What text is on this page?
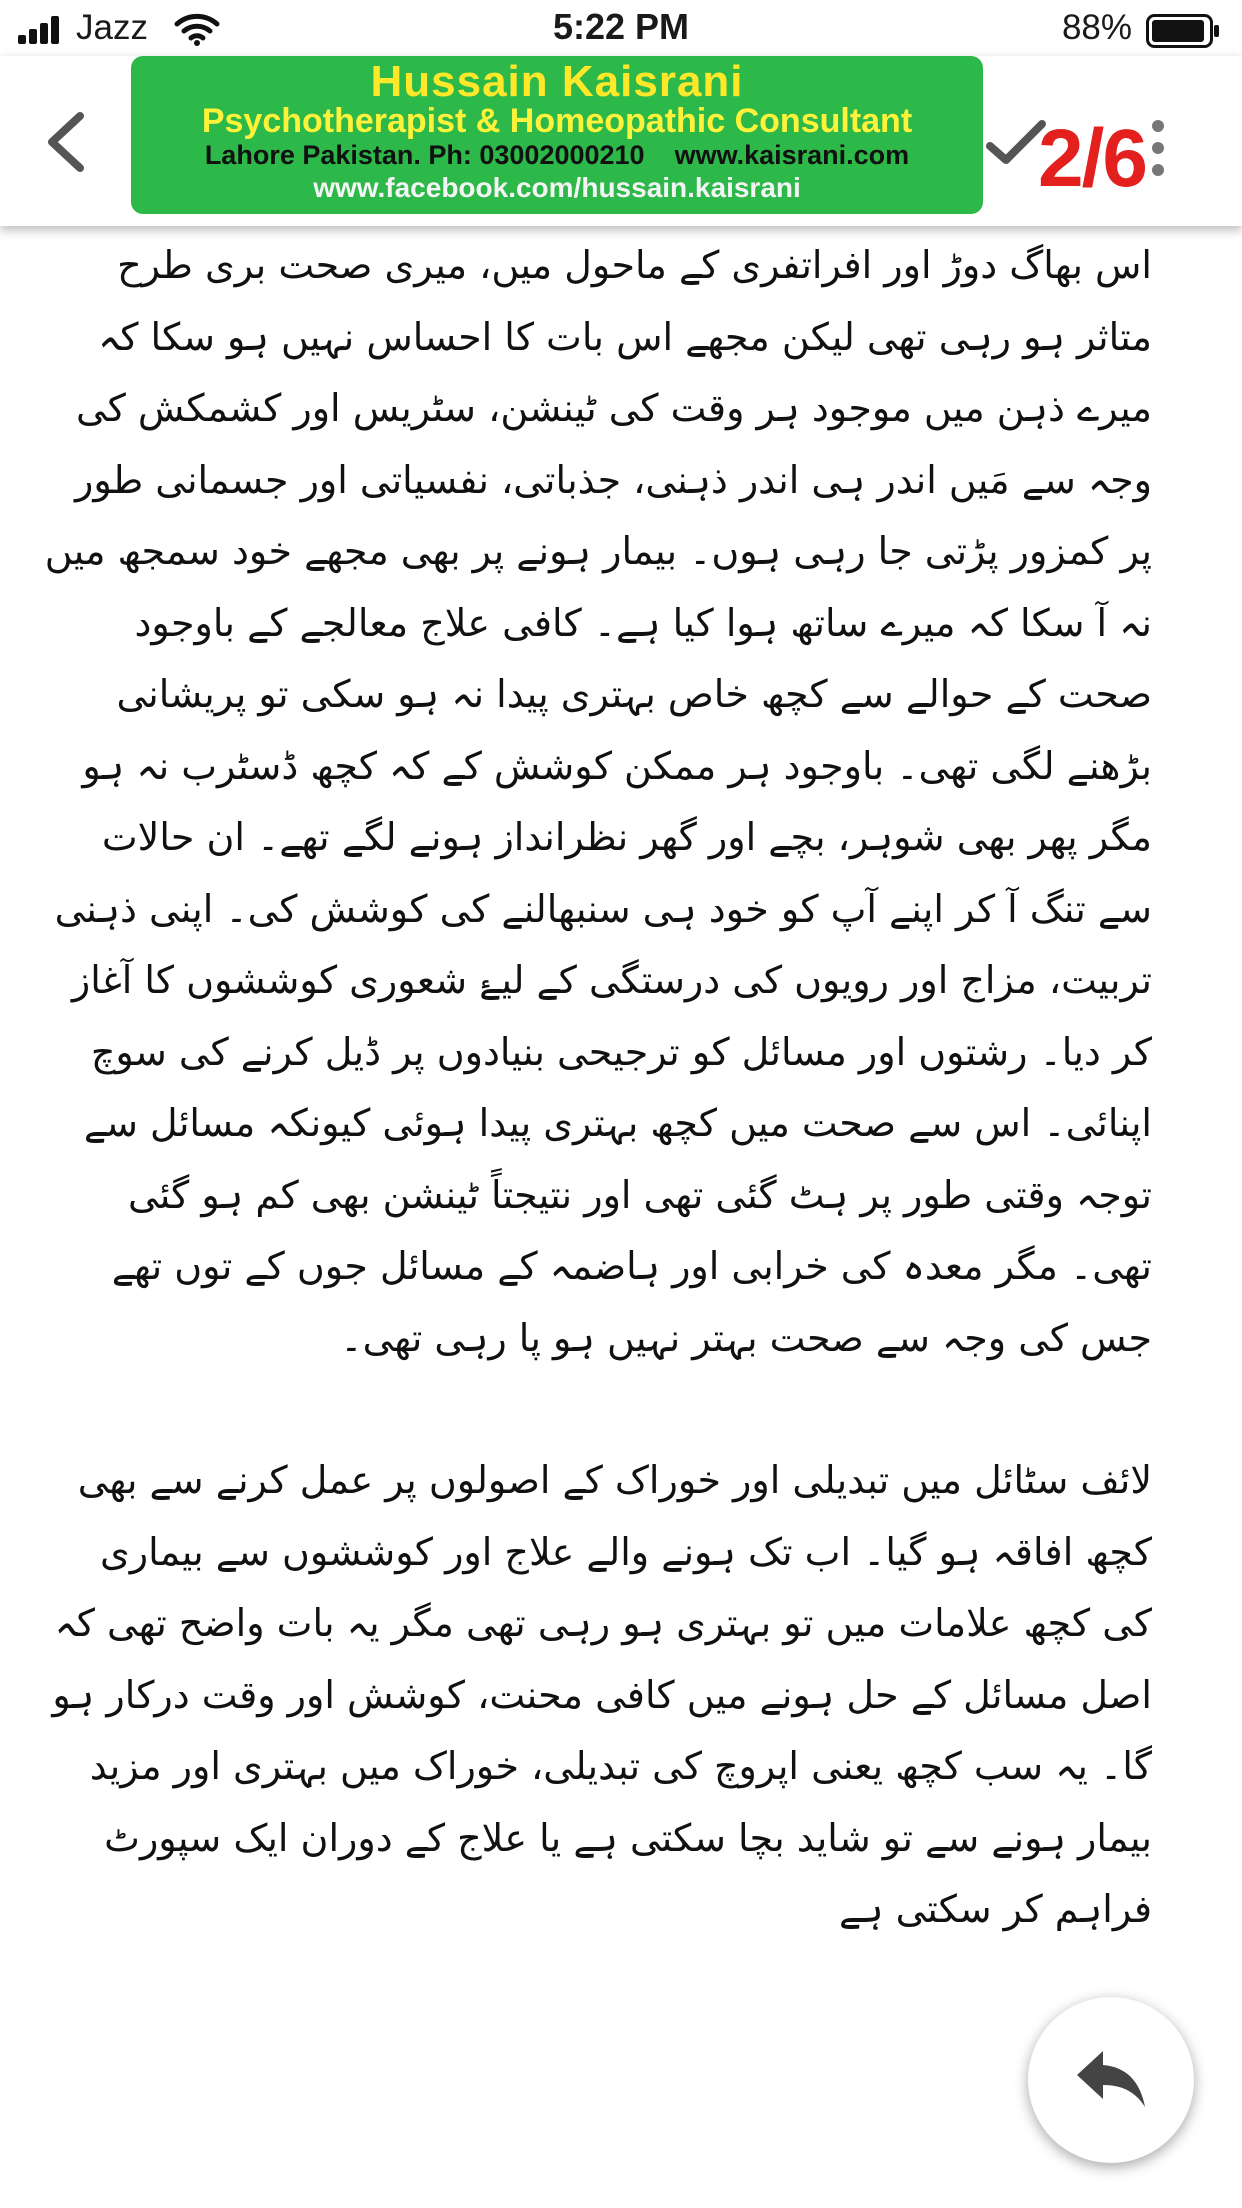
Jazz	5:22 PM	88%
Hussain Kaisrani
Psychotherapist & Homeopathic Consultant
Lahore Pakistan. Ph: 03002000210    www.kaisrani.com
www.facebook.com/hussain.kaisrani	2/6

اس بھاگ دوڑ اور افراتفری کے ماحول میں، میری صحت بری طرح متاثر ہو رہی تھی لیکن مجھے اس بات کا احساس نہیں ہو سکا کہ میرے ذہن میں موجود ہر وقت کی ٹینشن، سٹریس اور کشمکش کی وجہ سے مَیں اندر ہی اندر ذہنی، جذباتی، نفسیاتی اور جسمانی طور پر کمزور پڑتی جا رہی ہوں۔ بیمار ہونے پر بھی مجھے خود سمجھ میں نہ آ سکا کہ میرے ساتھ ہوا کیا ہے۔ کافی علاج معالجے کے باوجود صحت کے حوالے سے کچھ خاص بہتری پیدا نہ ہو سکی تو پریشانی بڑھنے لگی تھی۔ باوجود ہر ممکن کوشش کے کہ کچھ ڈسٹرب نہ ہو مگر پھر بھی شوہر، بچے اور گھر نظرانداز ہونے لگے تھے۔ ان حالات سے تنگ آ کر اپنے آپ کو خود ہی سنبھالنے کی کوشش کی۔ اپنی ذہنی تربیت، مزاج اور رویوں کی درستگی کے لیۓ شعوری کوششوں کا آغاز کر دیا۔ رشتوں اور مسائل کو ترجیحی بنیادوں پر ڈیل کرنے کی سوچ اپنائی۔ اس سے صحت میں کچھ بہتری پیدا ہوئی کیونکہ مسائل سے توجہ وقتی طور پر ہٹ گئی تھی اور نتیجتاً ٹینشن بھی کم ہو گئی تھی۔ مگر معدہ کی خرابی اور ہاضمہ کے مسائل جوں کے توں تھے جس کی وجہ سے صحت بہتر نہیں ہو پا رہی تھی۔

لائف سٹائل میں تبدیلی اور خوراک کے اصولوں پر عمل کرنے سے بھی کچھ افاقہ ہو گیا۔ اب تک ہونے والے علاج اور کوششوں سے بیماری کی کچھ علامات میں تو بہتری ہو رہی تھی مگر یہ بات واضح تھی کہ اصل مسائل کے حل ہونے میں کافی محنت، کوشش اور وقت درکار ہو گا۔ یہ سب کچھ یعنی اپروچ کی تبدیلی، خوراک میں بہتری اور مزید بیمار ہونے سے تو شاید بچا سکتی ہے یا علاج کے دوران ایک سپورٹ فراہم کر سکتی ہے
